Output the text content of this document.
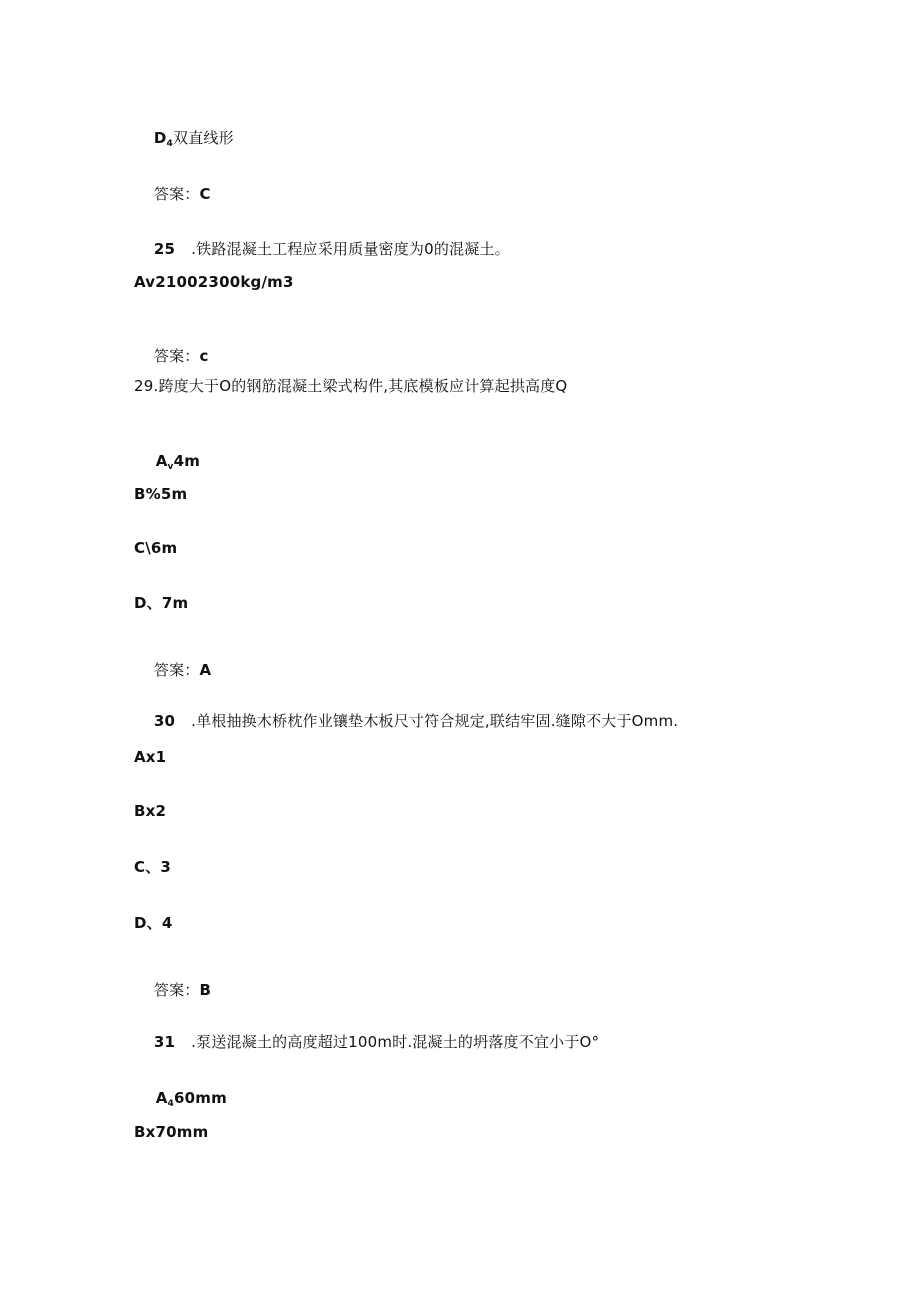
$D_4$双直线形

答案：C

25 .铁路混凝土工程应采用质量密度为0的混凝土。

Av21002300kg/m3

答案：c

29.跨度大于O的钢筋混凝土梁式构件,其底模板应计算起拱高度Q

$A_v4m$

B%5m
C\6m
D、7m

答案：A

30 .单根抽换木桥枕作业镶垫木板尺寸符合规定,联结牢固.缝隙不大于Omm.

Ax1
Bx2
C、3
D、4

答案：B

31 .泵送混凝土的高度超过100m时.混凝土的坍落度不宜小于O°

$A_460mm$

Bx70mm
